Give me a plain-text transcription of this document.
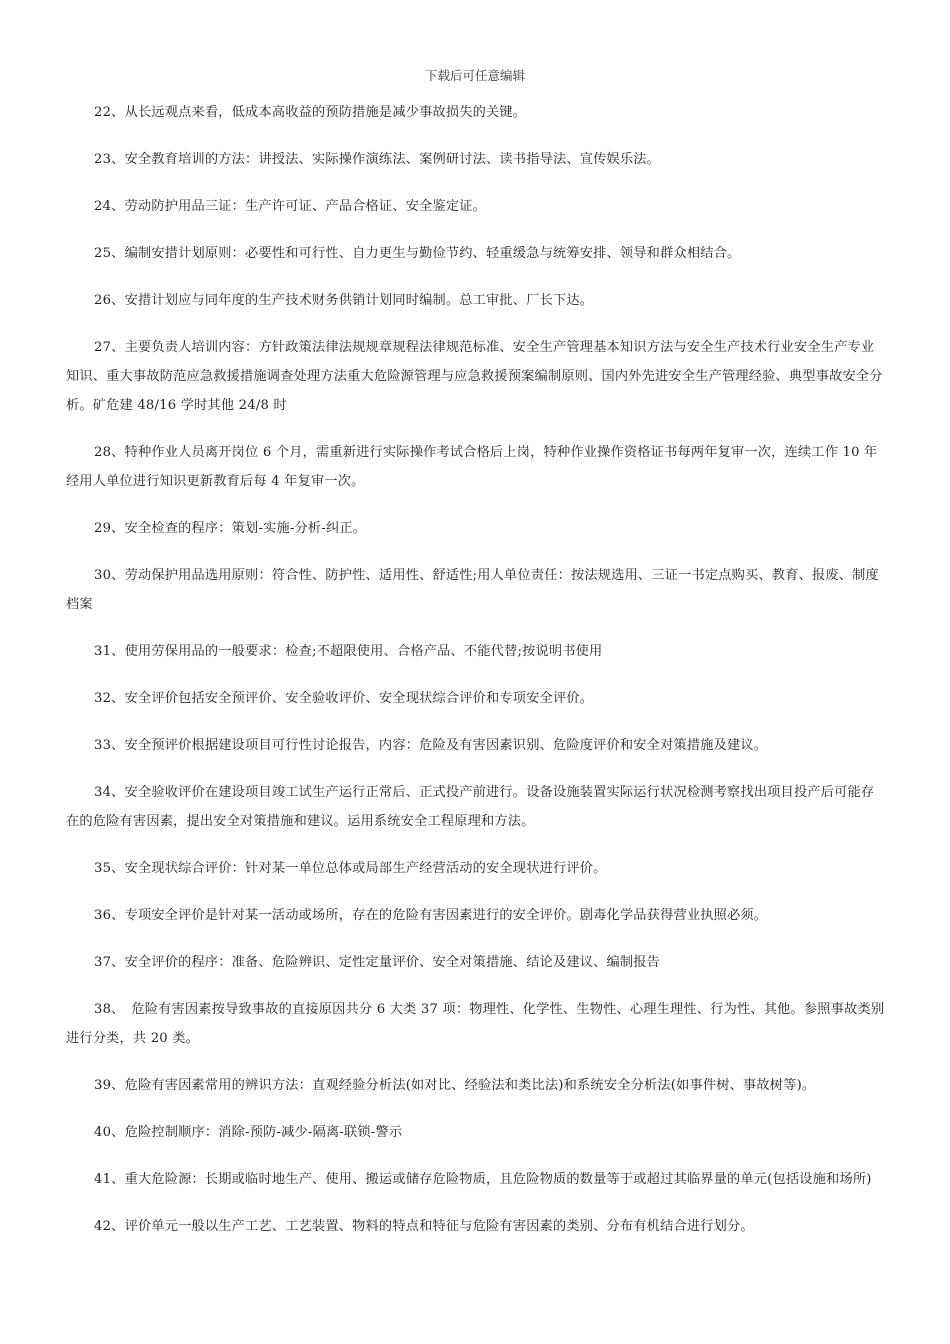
下载后可任意编辑

22、从长远观点来看，低成本高收益的预防措施是减少事故损失的关键。

23、安全教育培训的方法：讲授法、实际操作演练法、案例研讨法、读书指导法、宣传娱乐法。

24、劳动防护用品三证：生产许可证、产品合格证、安全鉴定证。

25、编制安措计划原则：必要性和可行性、自力更生与勤俭节约、轻重缓急与统筹安排、领导和群众相结合。

26、安措计划应与同年度的生产技术财务供销计划同时编制。总工审批、厂长下达。

27、主要负责人培训内容：方针政策法律法规规章规程法律规范标准、安全生产管理基本知识方法与安全生产技术行业安全生产专业知识、重大事故防范应急救援措施调查处理方法重大危险源管理与应急救援预案编制原则、国内外先进安全生产管理经验、典型事故安全分析。矿危建 48/16 学时其他 24/8 时

28、特种作业人员离开岗位 6 个月，需重新进行实际操作考试合格后上岗，特种作业操作资格证书每两年复审一次，连续工作 10 年经用人单位进行知识更新教育后每 4 年复审一次。

29、安全检查的程序：策划-实施-分析-纠正。

30、劳动保护用品选用原则：符合性、防护性、适用性、舒适性;用人单位责任：按法规选用、三证一书定点购买、教育、报废、制度档案

31、使用劳保用品的一般要求：检查;不超限使用、合格产品、不能代替;按说明书使用

32、安全评价包括安全预评价、安全验收评价、安全现状综合评价和专项安全评价。

33、安全预评价根据建设项目可行性讨论报告，内容：危险及有害因素识别、危险度评价和安全对策措施及建议。

34、安全验收评价在建设项目竣工试生产运行正常后、正式投产前进行。设备设施装置实际运行状况检测考察找出项目投产后可能存在的危险有害因素，提出安全对策措施和建议。运用系统安全工程原理和方法。

35、安全现状综合评价：针对某一单位总体或局部生产经营活动的安全现状进行评价。

36、专项安全评价是针对某一活动或场所，存在的危险有害因素进行的安全评价。剧毒化学品获得营业执照必须。

37、安全评价的程序：准备、危险辨识、定性定量评价、安全对策措施、结论及建议、编制报告

38、　危险有害因素按导致事故的直接原因共分 6 大类 37 项：物理性、化学性、生物性、心理生理性、行为性、其他。参照事故类别进行分类，共 20 类。

39、危险有害因素常用的辨识方法：直观经验分析法(如对比、经验法和类比法)和系统安全分析法(如事件树、事故树等)。

40、危险控制顺序：消除-预防-减少-隔离-联锁-警示

41、重大危险源：长期或临时地生产、使用、搬运或储存危险物质，且危险物质的数量等于或超过其临界量的单元(包括设施和场所)

42、评价单元一般以生产工艺、工艺装置、物料的特点和特征与危险有害因素的类别、分布有机结合进行划分。
